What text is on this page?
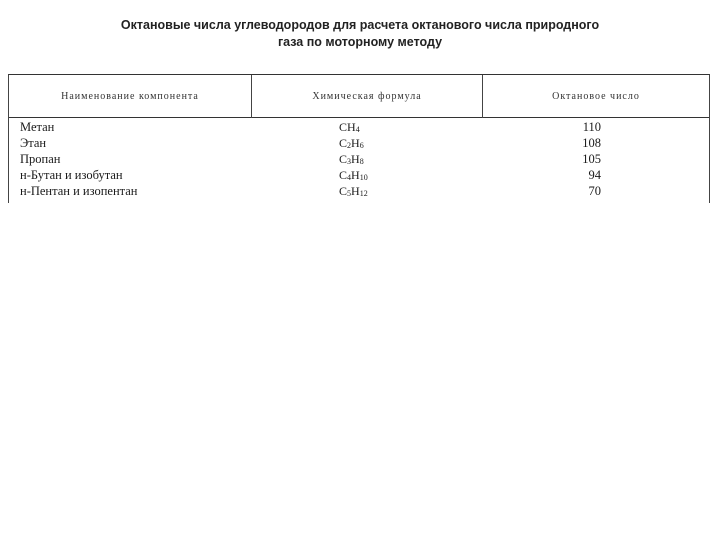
Октановые числа углеводородов для расчета октанового числа природного
газа по моторному методу
Наименование компонента	Химическая формула	Октановое число
Метан
Этан
Пропан
н-Бутан и изобутан
н-Пентан и изопентан
$CH_4$
$C_2H_6$
$C_3H_8$
$C_4H_{10}$
$C_5H_{12}$
110
108
105
94
70
